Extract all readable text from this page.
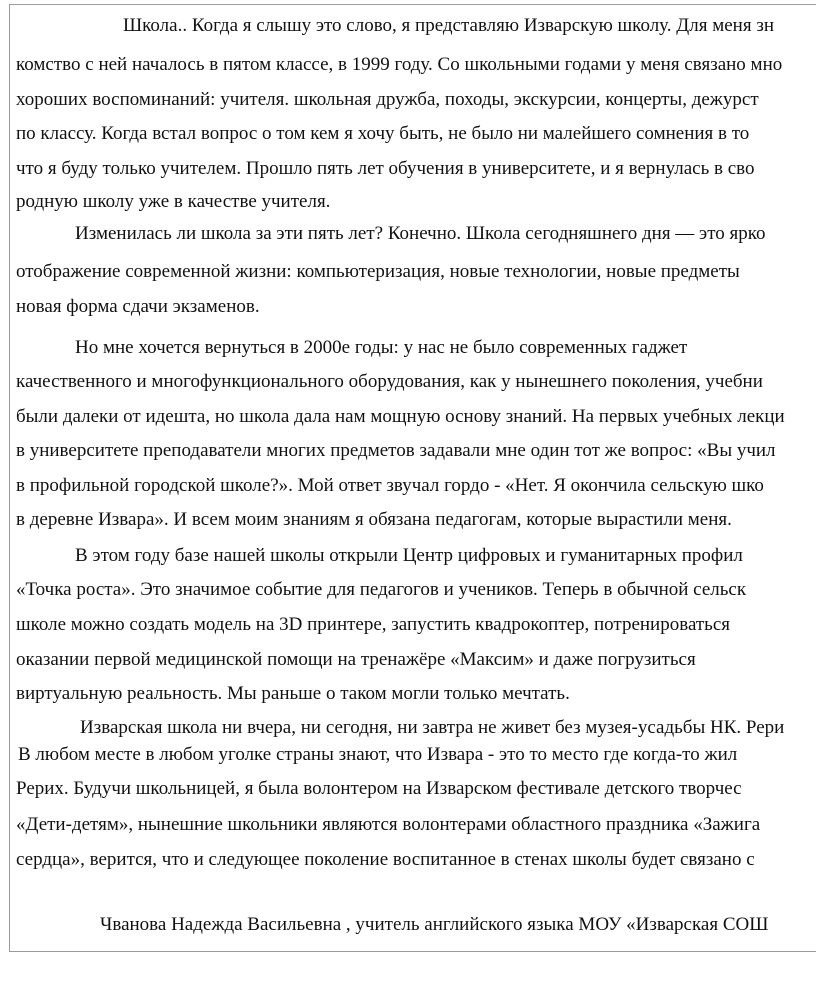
Школа.. Когда я слышу это слово, я представляю Изварскую школу. Для меня зн
комство с ней началось в пятом классе, в 1999 году. Со школьными годами у меня связано мно
хороших воспоминаний: учителя. школьная дружба, походы, экскурсии, концерты, дежурст
по классу. Когда встал вопрос о том кем я хочу быть, не было ни малейшего сомнения в то
что я буду только учителем. Прошло пять лет обучения в университете, и я вернулась в сво
родную школу уже в качестве учителя.
Изменилась ли школа за эти пять лет? Конечно. Школа сегодняшнего дня — это ярко
отображение современной жизни: компьютеризация, новые технологии, новые предметы
новая форма сдачи экзаменов.
Но мне хочется вернуться в 2000е годы: у нас не было современных гаджет
качественного и многофункционального оборудования, как у нынешнего поколения, учебни
были далеки от идешта, но школа дала нам мощную основу знаний. На первых учебных лекци
в университете преподаватели многих предметов задавали мне один тот же вопрос: «Вы учил
в профильной городской школе?». Мой ответ звучал гордо - «Нет. Я окончила сельскую шко
в деревне Извара». И всем моим знаниям я обязана педагогам, которые вырастили меня.
В этом году базе нашей школы открыли Центр цифровых и гуманитарных профил
«Точка роста». Это значимое событие для педагогов и учеников. Теперь в обычной сельск
школе можно создать модель на 3D принтере, запустить квадрокоптер, потренироваться
оказании первой медицинской помощи на тренажёре «Максим» и даже погрузиться
виртуальную реальность. Мы раньше о таком могли только мечтать.
Изварская школа ни вчера, ни сегодня, ни завтра не живет без музея-усадьбы НК. Рери
В любом месте в любом уголке страны знают, что Извара - это то место где когда-то жил
Рерих. Будучи школьницей, я была волонтером на Изварском фестивале детского творчес
«Дети-детям», нынешние школьники являются волонтерами областного праздника «Зажига
сердца», верится, что и следующее поколение воспитанное в стенах школы будет связано с
Чванова Надежда Васильевна , учитель английского языка МОУ «Изварская СОШ
